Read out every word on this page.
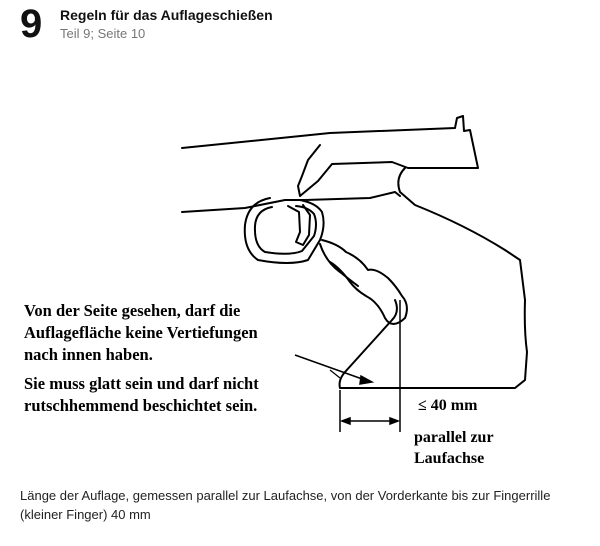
9 Regeln für das Auflageschießen
Teil 9; Seite 10
Von der Seite gesehen, darf die
Auflagefläche keine Vertiefungen
nach innen haben.
Sie muss glatt sein und darf nicht
rutschhemmend beschichtet sein.	≤ 40 mm
parallel zur
Laufachse
Länge der Auflage, gemessen parallel zur Laufachse, von der Vorderkante bis zur Fingerrille (kleiner Finger) 40 mm
